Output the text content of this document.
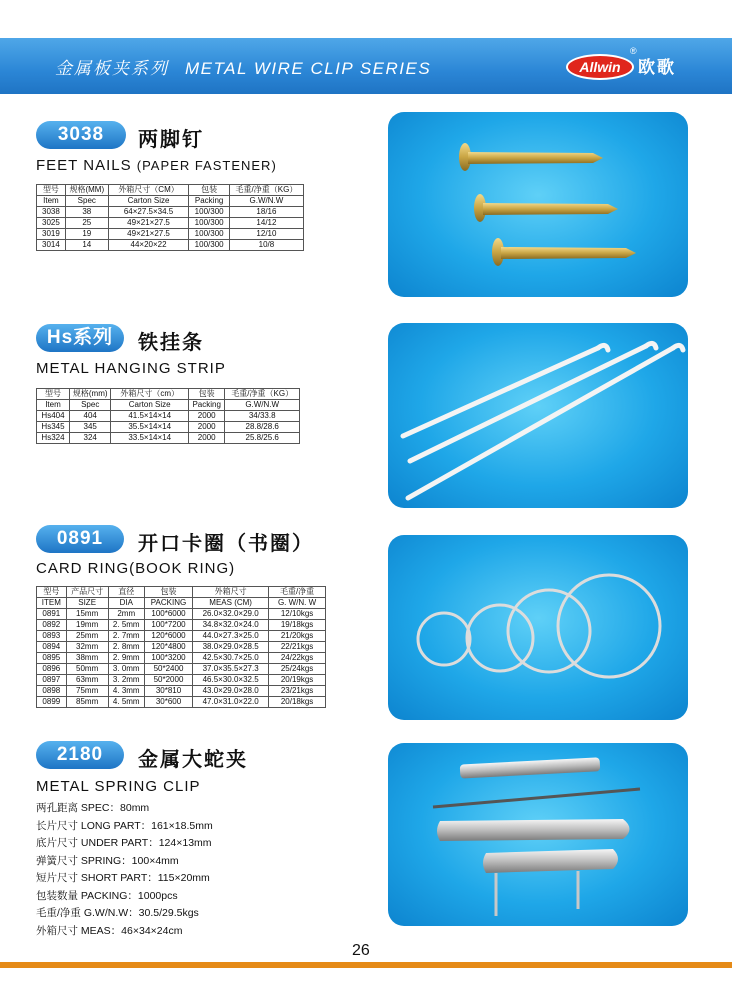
金属板夹系列 METAL WIRE CLIP SERIES	Allwin
®
欧歌
3038	两脚钉
FEET NAILS (PAPER FASTENER)
型号	规格(MM)	外箱尺寸（CM）	包装	毛重/净重（KG）
Item	Spec	Carton Size	Packing	G.W/N.W
3038	38	64×27.5×34.5	100/300	18/16
3025	25	49×21×27.5	100/300	14/12
3019	19	49×21×27.5	100/300	12/10
3014	14	44×20×22	100/300	10/8
Hs系列	铁挂条
METAL HANGING STRIP
型号	规格(mm)	外箱尺寸（cm）	包装	毛重/净重（KG）
Item	Spec	Carton Size	Packing	G.W/N.W
Hs404	404	41.5×14×14	2000	34/33.8
Hs345	345	35.5×14×14	2000	28.8/28.6
Hs324	324	33.5×14×14	2000	25.8/25.6
0891	开口卡圈（书圈）
CARD RING(BOOK RING)
型号	产品尺寸	直径	包装	外箱尺寸	毛重/净重
ITEM	SIZE	DIA	PACKING	MEAS (CM)	G. W/N. W
0891	15mm	2mm	100*6000	26.0×32.0×29.0	12/10kgs
0892	19mm	2. 5mm	100*7200	34.8×32.0×24.0	19/18kgs
0893	25mm	2. 7mm	120*6000	44.0×27.3×25.0	21/20kgs
0894	32mm	2. 8mm	120*4800	38.0×29.0×28.5	22/21kgs
0895	38mm	2. 9mm	100*3200	42.5×30.7×25.0	24/22kgs
0896	50mm	3. 0mm	50*2400	37.0×35.5×27.3	25/24kgs
0897	63mm	3. 2mm	50*2000	46.5×30.0×32.5	20/19kgs
0898	75mm	4. 3mm	30*810	43.0×29.0×28.0	23/21kgs
0899	85mm	4. 5mm	30*600	47.0×31.0×22.0	20/18kgs
2180	金属大蛇夹
METAL SPRING CLIP
两孔距离 SPEC：80mm
长片尺寸 LONG PART：161×18.5mm
底片尺寸 UNDER PART：124×13mm
弹簧尺寸 SPRING：100×4mm
短片尺寸 SHORT PART：115×20mm
包装数量 PACKING：1000pcs
毛重/净重 G.W/N.W：30.5/29.5kgs
外箱尺寸 MEAS：46×34×24cm
26
